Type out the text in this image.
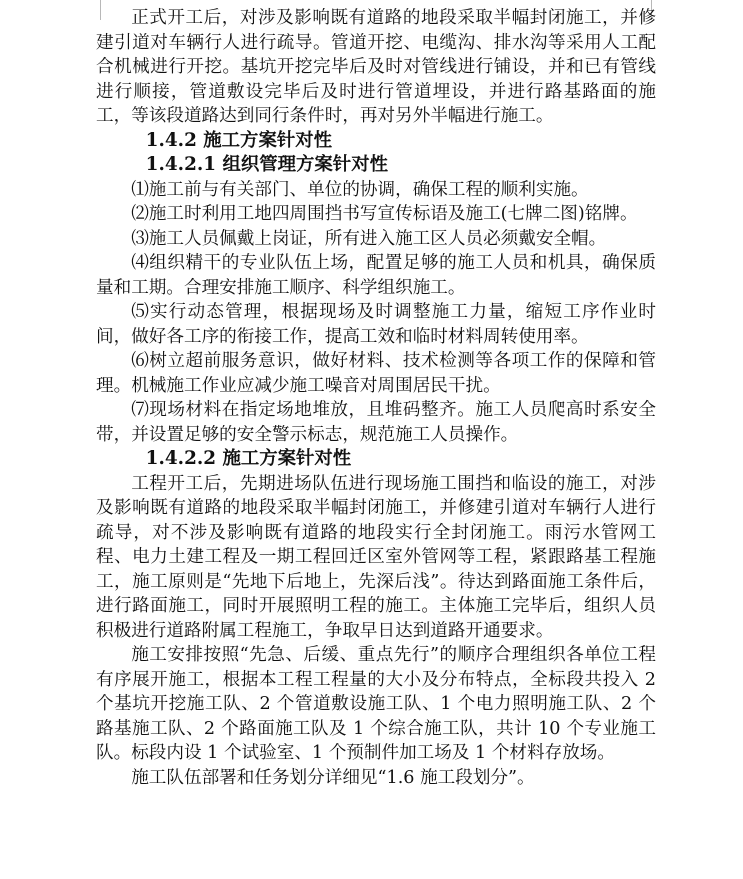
正式开工后，对涉及影响既有道路的地段采取半幅封闭施工，并修建引道对车辆行人进行疏导。管道开挖、电缆沟、排水沟等采用人工配合机械进行开挖。基坑开挖完毕后及时对管线进行铺设，并和已有管线进行顺接，管道敷设完毕后及时进行管道埋设，并进行路基路面的施工，等该段道路达到同行条件时，再对另外半幅进行施工。

1.4.2 施工方案针对性
1.4.2.1 组织管理方案针对性

⑴施工前与有关部门、单位的协调，确保工程的顺利实施。

⑵施工时利用工地四周围挡书写宣传标语及施工(七牌二图)铭牌。

⑶施工人员佩戴上岗证，所有进入施工区人员必须戴安全帽。

⑷组织精干的专业队伍上场，配置足够的施工人员和机具，确保质量和工期。合理安排施工顺序、科学组织施工。

⑸实行动态管理，根据现场及时调整施工力量，缩短工序作业时间，做好各工序的衔接工作，提高工效和临时材料周转使用率。

⑹树立超前服务意识，做好材料、技术检测等各项工作的保障和管理。机械施工作业应减少施工噪音对周围居民干扰。

⑺现场材料在指定场地堆放，且堆码整齐。施工人员爬高时系安全带，并设置足够的安全警示标志，规范施工人员操作。

1.4.2.2 施工方案针对性

工程开工后，先期进场队伍进行现场施工围挡和临设的施工，对涉及影响既有道路的地段采取半幅封闭施工，并修建引道对车辆行人进行疏导，对不涉及影响既有道路的地段实行全封闭施工。雨污水管网工程、电力土建工程及一期工程回迁区室外管网等工程，紧跟路基工程施工，施工原则是“先地下后地上，先深后浅”。待达到路面施工条件后，进行路面施工，同时开展照明工程的施工。主体施工完毕后，组织人员积极进行道路附属工程施工，争取早日达到道路开通要求。

施工安排按照“先急、后缓、重点先行”的顺序合理组织各单位工程有序展开施工，根据本工程工程量的大小及分布特点，全标段共投入 2 个基坑开挖施工队、2 个管道敷设施工队、1 个电力照明施工队、2 个路基施工队、2 个路面施工队及 1 个综合施工队，共计 10 个专业施工队。标段内设 1 个试验室、1 个预制件加工场及 1 个材料存放场。

施工队伍部署和任务划分详细见“1.6 施工段划分”。
